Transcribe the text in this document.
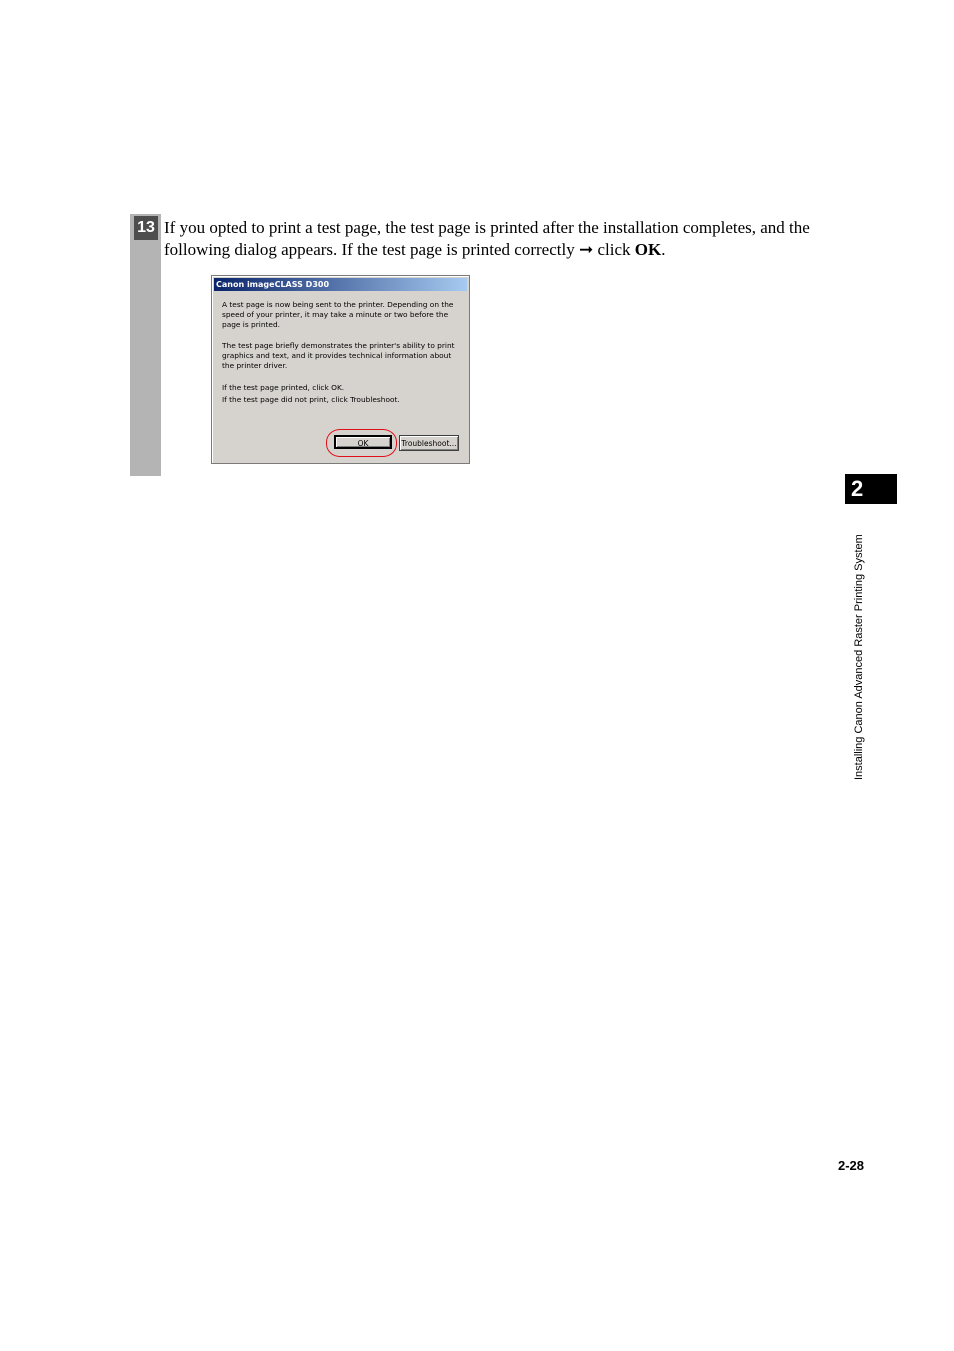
13 If you opted to print a test page, the test page is printed after the installation completes, and the following dialog appears. If the test page is printed correctly ➞ click OK.
Canon imageCLASS D300
A test page is now being sent to the printer. Depending on the speed of your printer, it may take a minute or two before the page is printed.
The test page briefly demonstrates the printer's ability to print graphics and text, and it provides technical information about the printer driver.
If the test page printed, click OK.
If the test page did not print, click Troubleshoot.
OK	Troubleshoot...
2
Installing Canon Advanced Raster Printing System
2-28
